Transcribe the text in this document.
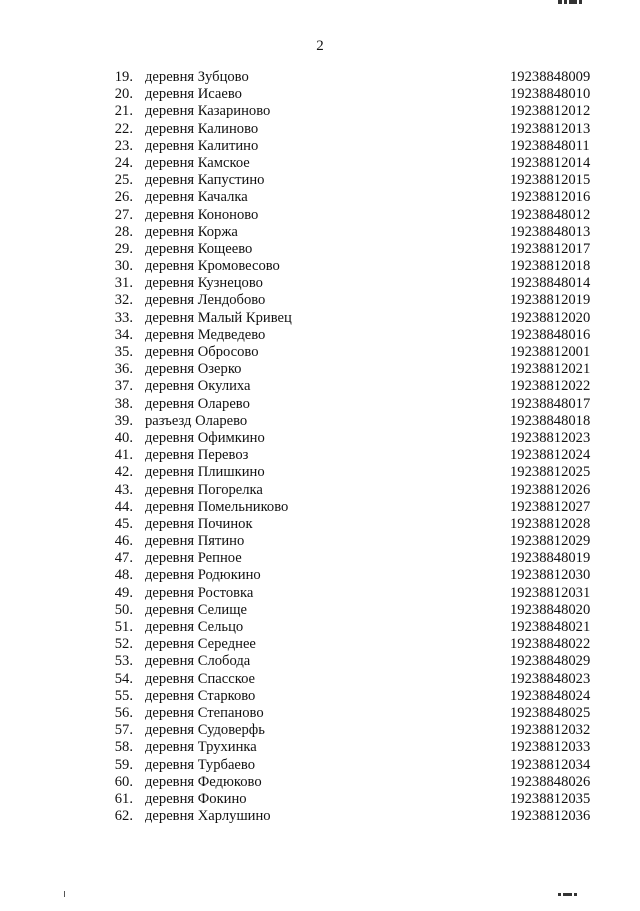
2
19. деревня Зубцово	19238848009
20. деревня Исаево	19238848010
21. деревня Казариново	19238812012
22. деревня Калиново	19238812013
23. деревня Калитино	19238848011
24. деревня Камское	19238812014
25. деревня Капустино	19238812015
26. деревня Качалка	19238812016
27. деревня Кононово	19238848012
28. деревня Коржа	19238848013
29. деревня Кощеево	19238812017
30. деревня Кромовесово	19238812018
31. деревня Кузнецово	19238848014
32. деревня Лендобово	19238812019
33. деревня Малый Кривец	19238812020
34. деревня Медведево	19238848016
35. деревня Обросово	19238812001
36. деревня Озерко	19238812021
37. деревня Окулиха	19238812022
38. деревня Оларево	19238848017
39. разъезд Оларево	19238848018
40. деревня Офимкино	19238812023
41. деревня Перевоз	19238812024
42. деревня Плишкино	19238812025
43. деревня Погорелка	19238812026
44. деревня Помельниково	19238812027
45. деревня Починок	19238812028
46. деревня Пятино	19238812029
47. деревня Репное	19238848019
48. деревня Родюкино	19238812030
49. деревня Ростовка	19238812031
50. деревня Селище	19238848020
51. деревня Сельцо	19238848021
52. деревня Середнее	19238848022
53. деревня Слобода	19238848029
54. деревня Спасское	19238848023
55. деревня Старково	19238848024
56. деревня Степаново	19238848025
57. деревня Судоверфь	19238812032
58. деревня Трухинка	19238812033
59. деревня Турбаево	19238812034
60. деревня Федюково	19238848026
61. деревня Фокино	19238812035
62. деревня Харлушино	19238812036
